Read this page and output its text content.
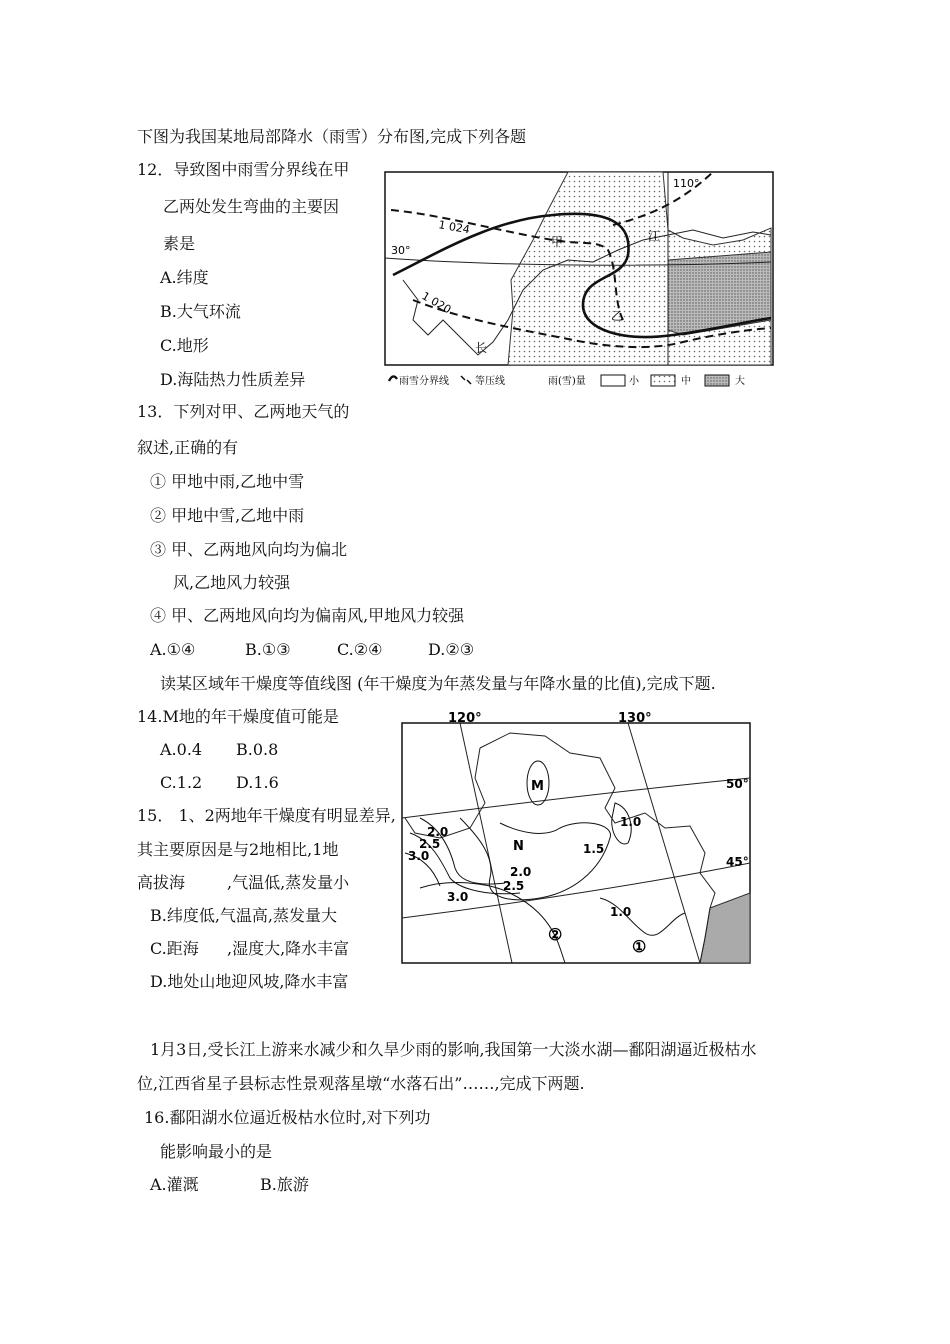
下图为我国某地局部降水（雨雪）分布图,完成下列各题
12．导致图中雨雪分界线在甲
乙两处发生弯曲的主要因
素是
A.纬度
B.大气环流
C.地形
D.海陆热力性质差异
110°
30°
1 024
1 020
甲
乙
江
长
雨雪分界线	等压线	雨(雪)量	小	中	大
13．下列对甲、乙两地天气的
叙述,正确的有
① 甲地中雨,乙地中雪
② 甲地中雪,乙地中雨
③ 甲、乙两地风向均为偏北
风,乙地风力较强
④ 甲、乙两地风向均为偏南风,甲地风力较强
A.①④	B.①③	C.②④	D.②③
读某区域年干燥度等值线图 (年干燥度为年蒸发量与年降水量的比值),完成下题.
14.M地的年干燥度值可能是
A.0.4 B.0.8
C.1.2 D.1.6
15． 1、2两地年干燥度有明显差异,
其主要原因是与2地相比,1地
高拔海	,气温低,蒸发量小
B.纬度低,气温高,蒸发量大
C.距海 ,湿度大,降水丰富
D.地处山地迎风坡,降水丰富
120°	130°
50°
45°
M
N
1.0
1.5
2.0
2.5
3.0
2.0
2.5
3.0
1.0
②
①
1月3日,受长江上游来水减少和久旱少雨的影响,我国第一大淡水湖—鄱阳湖逼近极枯水
位,江西省星子县标志性景观落星墩“水落石出”……,完成下两题.
16.鄱阳湖水位逼近极枯水位时,对下列功
能影响最小的是
A.灌溉	B.旅游
